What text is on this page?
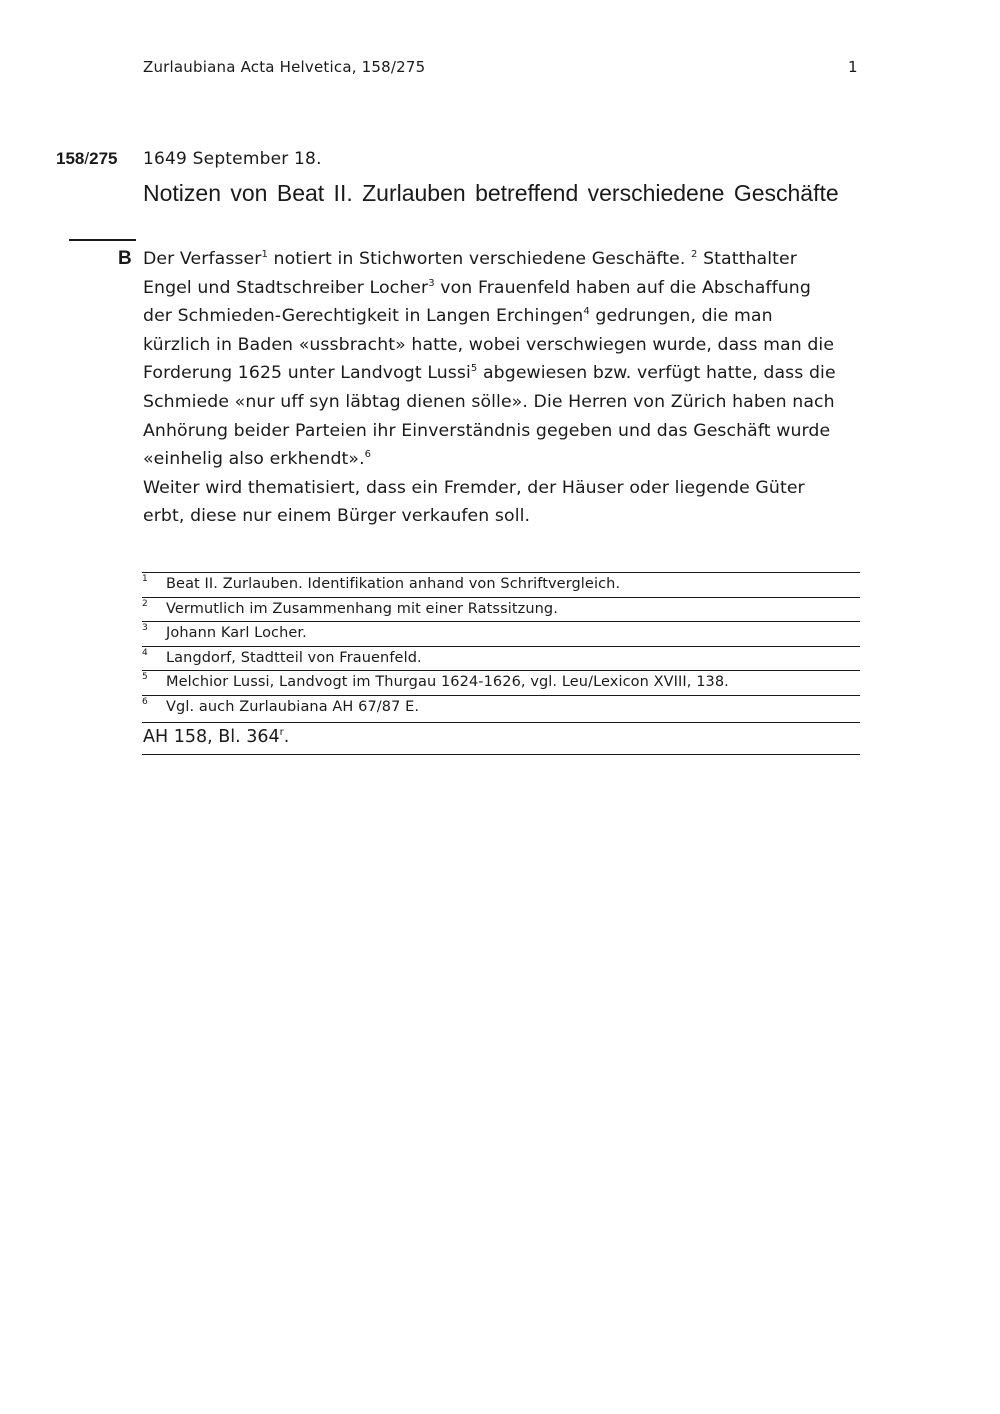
Zurlaubiana Acta Helvetica, 158/275	1
158/275 1649 September 18.
Notizen von Beat II. Zurlauben betreffend verschiedene Geschäfte
B Der Verfasser$^1$ notiert in Stichworten verschiedene Geschäfte. $^2$ Statthalter
Engel und Stadtschreiber Locher$^3$ von Frauenfeld haben auf die Abschaffung
der Schmieden-Gerechtigkeit in Langen Erchingen$^4$ gedrungen, die man
kürzlich in Baden «ussbracht» hatte, wobei verschwiegen wurde, dass man die
Forderung 1625 unter Landvogt Lussi$^5$ abgewiesen bzw. verfügt hatte, dass die
Schmiede «nur uff syn läbtag dienen sölle». Die Herren von Zürich haben nach
Anhörung beider Parteien ihr Einverständnis gegeben und das Geschäft wurde
«einhelig also erkhendt».$^6$
Weiter wird thematisiert, dass ein Fremder, der Häuser oder liegende Güter
erbt, diese nur einem Bürger verkaufen soll.
1 Beat II. Zurlauben. Identifikation anhand von Schriftvergleich.
2 Vermutlich im Zusammenhang mit einer Ratssitzung.
3 Johann Karl Locher.
4 Langdorf, Stadtteil von Frauenfeld.
5 Melchior Lussi, Landvogt im Thurgau 1624-1626, vgl. Leu/Lexicon XVIII, 138.
6 Vgl. auch Zurlaubiana AH 67/87 E.
AH 158, Bl. 364$^r$.
